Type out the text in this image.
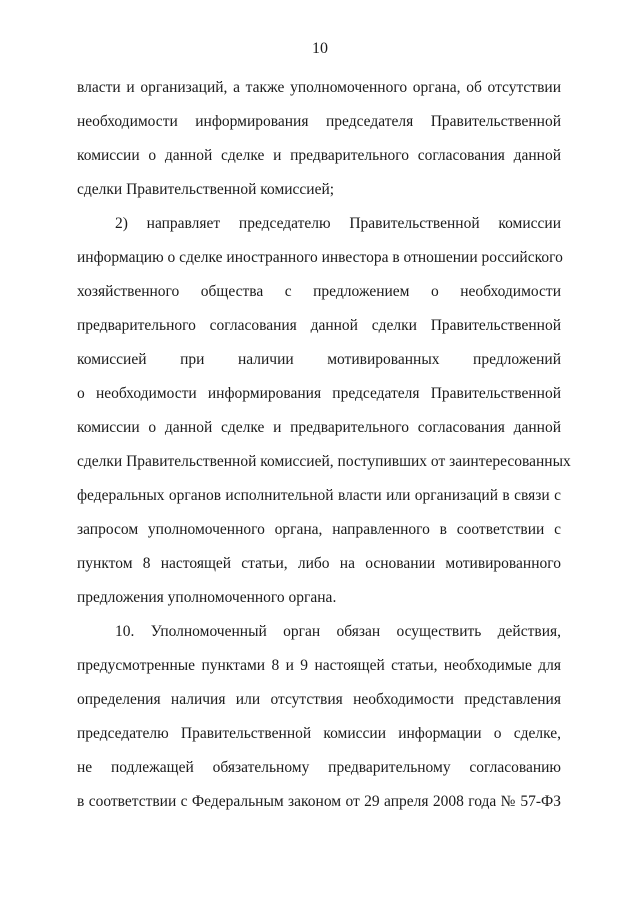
10
власти и организаций, а также уполномоченного органа, об отсутствии
необходимости информирования председателя Правительственной
комиссии о данной сделке и предварительного согласования данной
сделки Правительственной комиссией;
2) направляет председателю Правительственной комиссии
информацию о сделке иностранного инвестора в отношении российского
хозяйственного общества с предложением о необходимости
предварительного согласования данной сделки Правительственной
комиссией при наличии мотивированных предложений
о необходимости информирования председателя Правительственной
комиссии о данной сделке и предварительного согласования данной
сделки Правительственной комиссией, поступивших от заинтересованных
федеральных органов исполнительной власти или организаций в связи с
запросом уполномоченного органа, направленного в соответствии с
пунктом 8 настоящей статьи, либо на основании мотивированного
предложения уполномоченного органа.
10. Уполномоченный орган обязан осуществить действия,
предусмотренные пунктами 8 и 9 настоящей статьи, необходимые для
определения наличия или отсутствия необходимости представления
председателю Правительственной комиссии информации о сделке,
не подлежащей обязательному предварительному согласованию
в соответствии с Федеральным законом от 29 апреля 2008 года № 57-ФЗ
